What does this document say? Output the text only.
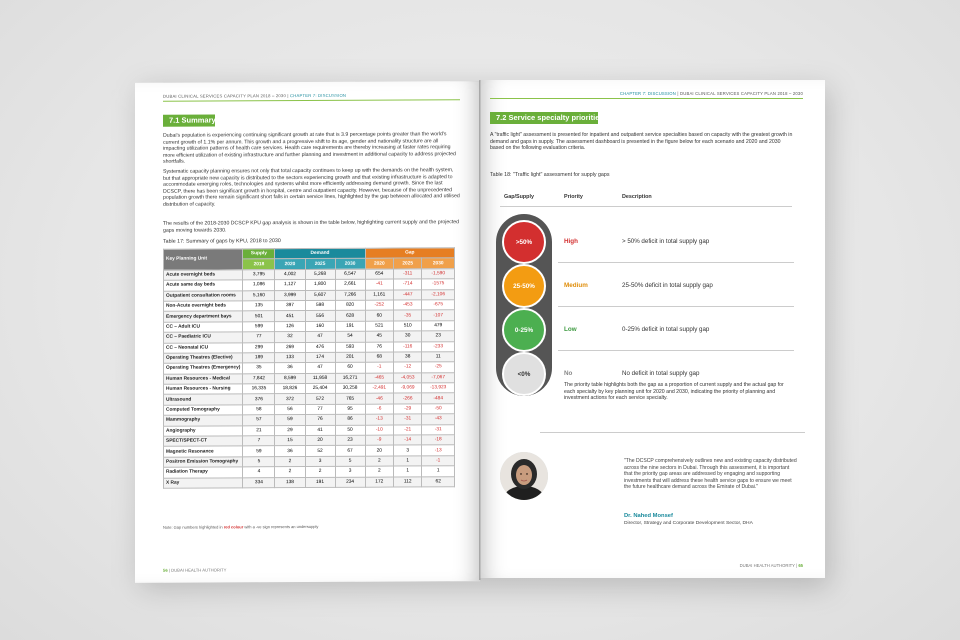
DUBAI CLINICAL SERVICES CAPACITY PLAN 2018 – 2030 | CHAPTER 7: DISCUSSION
7.1 Summary
Dubai's population is experiencing continuing significant growth at rate that is 3.9 percentage points greater than the world's current growth of 1.1% per annum. This growth and a progressive shift to its age, gender and nationality structure are all impacting utilization patterns of health care services. Health care requirements are thereby increasing at faster rates requiring more efficient utilization of existing infrastructure and further planning and investment in additional capacity to address projected shortfalls.
Systematic capacity planning ensures not only that total capacity continues to keep up with the demands on the health system, but that appropriate new capacity is distributed to the sectors experiencing growth and that existing infrastructure is adapted to accommodate emerging roles, technologies and systems whilst more efficiently addressing demand growth. Since the last DCSCP, there has been significant growth in hospital, centre and outpatient capacity. However, because of the unprecedented population growth there remain significant short falls in certain service lines, highlighted by the gap between allocated and utilised distribution of capacity.
The results of the 2018-2030 DCSCP KPU gap analysis is shown in the table below, highlighting current supply and the projected gaps moving towards 2030.
Table 17: Summary of gaps by KPU, 2018 to 2030
Key Planning Unit	Supply	Demand			Gap		
	2018	2020	2025	2030	2020	2025	2030
Acute overnight beds	3,795	4,002	5,268	6,547	654	-311	-1,590
Acute same day beds	1,086	1,127	1,800	2,661	-41	-714	-1575
Outpatient consultation rooms	5,160	3,999	5,607	7,266	1,161	-447	-2,106
Non-Acute overnight beds	135	397	598	820	-252	-453	-675
Emergency department bays	501	451	556	628	60	-35	-107
CC – Adult ICU	599	126	160	191	521	510	479
CC – Paediatric ICU	77	32	47	54	45	30	23
CC – Neonatal ICU	299	269	476	593	76	-116	-233
Operating Theatres (Elective)	189	133	174	201	68	38	11
Operating Theatres (Emergency)	35	36	47	60	-1	-12	-25
Human Resources - Medical	7,842	8,599	11,958	16,271	-465	-4,053	-7,067
Human Resources - Nursing	16,335	18,826	25,404	30,258	-2,491	-9,069	-13,923
Ultrasound	376	372	572	765	-46	-266	-484
Computed Tomography	58	56	77	95	-6	-29	-50
Mammography	57	59	76	86	-13	-31	-43
Angiography	21	29	41	50	-10	-21	-31
SPECT/SPECT-CT	7	15	20	23	-9	-14	-18
Magnetic Resonance	59	36	52	67	20	3	-13
Positron Emission Tomography	5	2	3	5	2	1	-1
Radiation Therapy	4	2	2	3	2	1	1
X Ray	334	138	191	234	172	112	62
Note: Gap numbers highlighted in red colour with a -ve sign represents an undersupply
56 | DUBAI HEALTH AUTHORITY
CHAPTER 7: DISCUSSION | DUBAI CLINICAL SERVICES CAPACITY PLAN 2018 – 2030
7.2 Service specialty priorities
A "traffic light" assessment is presented for inpatient and outpatient service specialties based on capacity with the greatest growth in demand and gaps in supply. The assessment dashboard is presented in the figure below for each scenario and 2020 and 2030 based on the following evaluation criteria.
Table 18: "Traffic light" assessment for supply gaps
Gap/Supply	Priority	Description
>50%	High	> 50% deficit in total supply gap
25-50%	Medium	25-50% deficit in total supply gap
0-25%	Low	0-25% deficit in total supply gap
<0%	No	No deficit in total supply gap
The priority table highlights both the gap as a proportion of current supply and the actual gap for each specialty by key planning unit for 2020 and 2030, indicating the priority of planning and investment actions for each service specialty.
"The DCSCP comprehensively outlines new and existing capacity distributed across the nine sectors in Dubai. Through this assessment, it is important that the priority gap areas are addressed by engaging and supporting investments that will address these health service gaps to ensure we meet the future healthcare demand across the Emirate of Dubai."
Dr. Nahed Monsef
Director, Strategy and Corporate Development Sector, DHA
DUBAI HEALTH AUTHORITY | 65
